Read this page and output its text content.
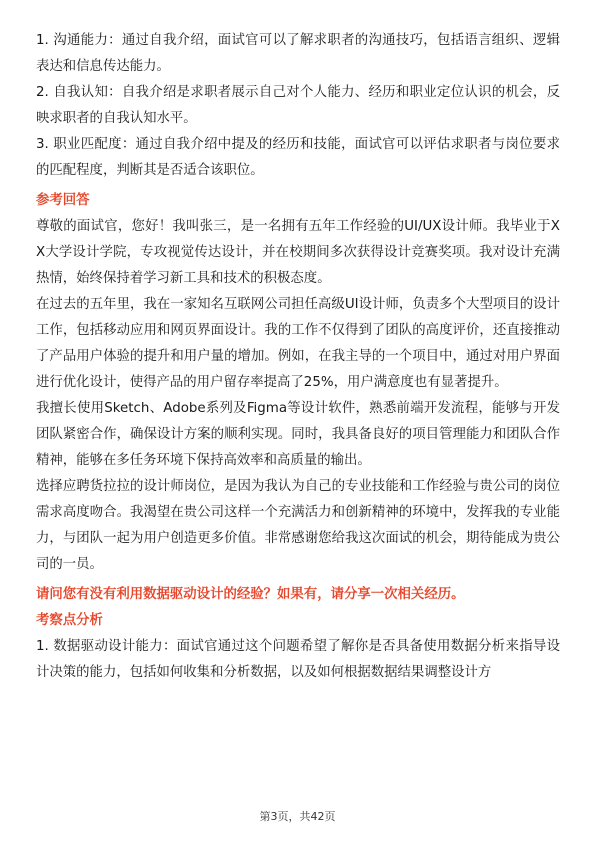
1. 沟通能力：通过自我介绍，面试官可以了解求职者的沟通技巧，包括语言组织、逻辑表达和信息传达能力。

2. 自我认知：自我介绍是求职者展示自己对个人能力、经历和职业定位认识的机会，反映求职者的自我认知水平。

3. 职业匹配度：通过自我介绍中提及的经历和技能，面试官可以评估求职者与岗位要求的匹配程度，判断其是否适合该职位。

参考回答

尊敬的面试官，您好！我叫张三，是一名拥有五年工作经验的UI/UX设计师。我毕业于XX大学设计学院，专攻视觉传达设计，并在校期间多次获得设计竞赛奖项。我对设计充满热情，始终保持着学习新工具和技术的积极态度。

在过去的五年里，我在一家知名互联网公司担任高级UI设计师，负责多个大型项目的设计工作，包括移动应用和网页界面设计。我的工作不仅得到了团队的高度评价，还直接推动了产品用户体验的提升和用户量的增加。例如，在我主导的一个项目中，通过对用户界面进行优化设计，使得产品的用户留存率提高了25%，用户满意度也有显著提升。

我擅长使用Sketch、Adobe系列及Figma等设计软件，熟悉前端开发流程，能够与开发团队紧密合作，确保设计方案的顺利实现。同时，我具备良好的项目管理能力和团队合作精神，能够在多任务环境下保持高效率和高质量的输出。

选择应聘货拉拉的设计师岗位，是因为我认为自己的专业技能和工作经验与贵公司的岗位需求高度吻合。我渴望在贵公司这样一个充满活力和创新精神的环境中，发挥我的专业能力，与团队一起为用户创造更多价值。非常感谢您给我这次面试的机会，期待能成为贵公司的一员。

请问您有没有利用数据驱动设计的经验？如果有，请分享一次相关经历。

考察点分析

1. 数据驱动设计能力：面试官通过这个问题希望了解你是否具备使用数据分析来指导设计决策的能力，包括如何收集和分析数据，以及如何根据数据结果调整设计方

第3页，共42页
